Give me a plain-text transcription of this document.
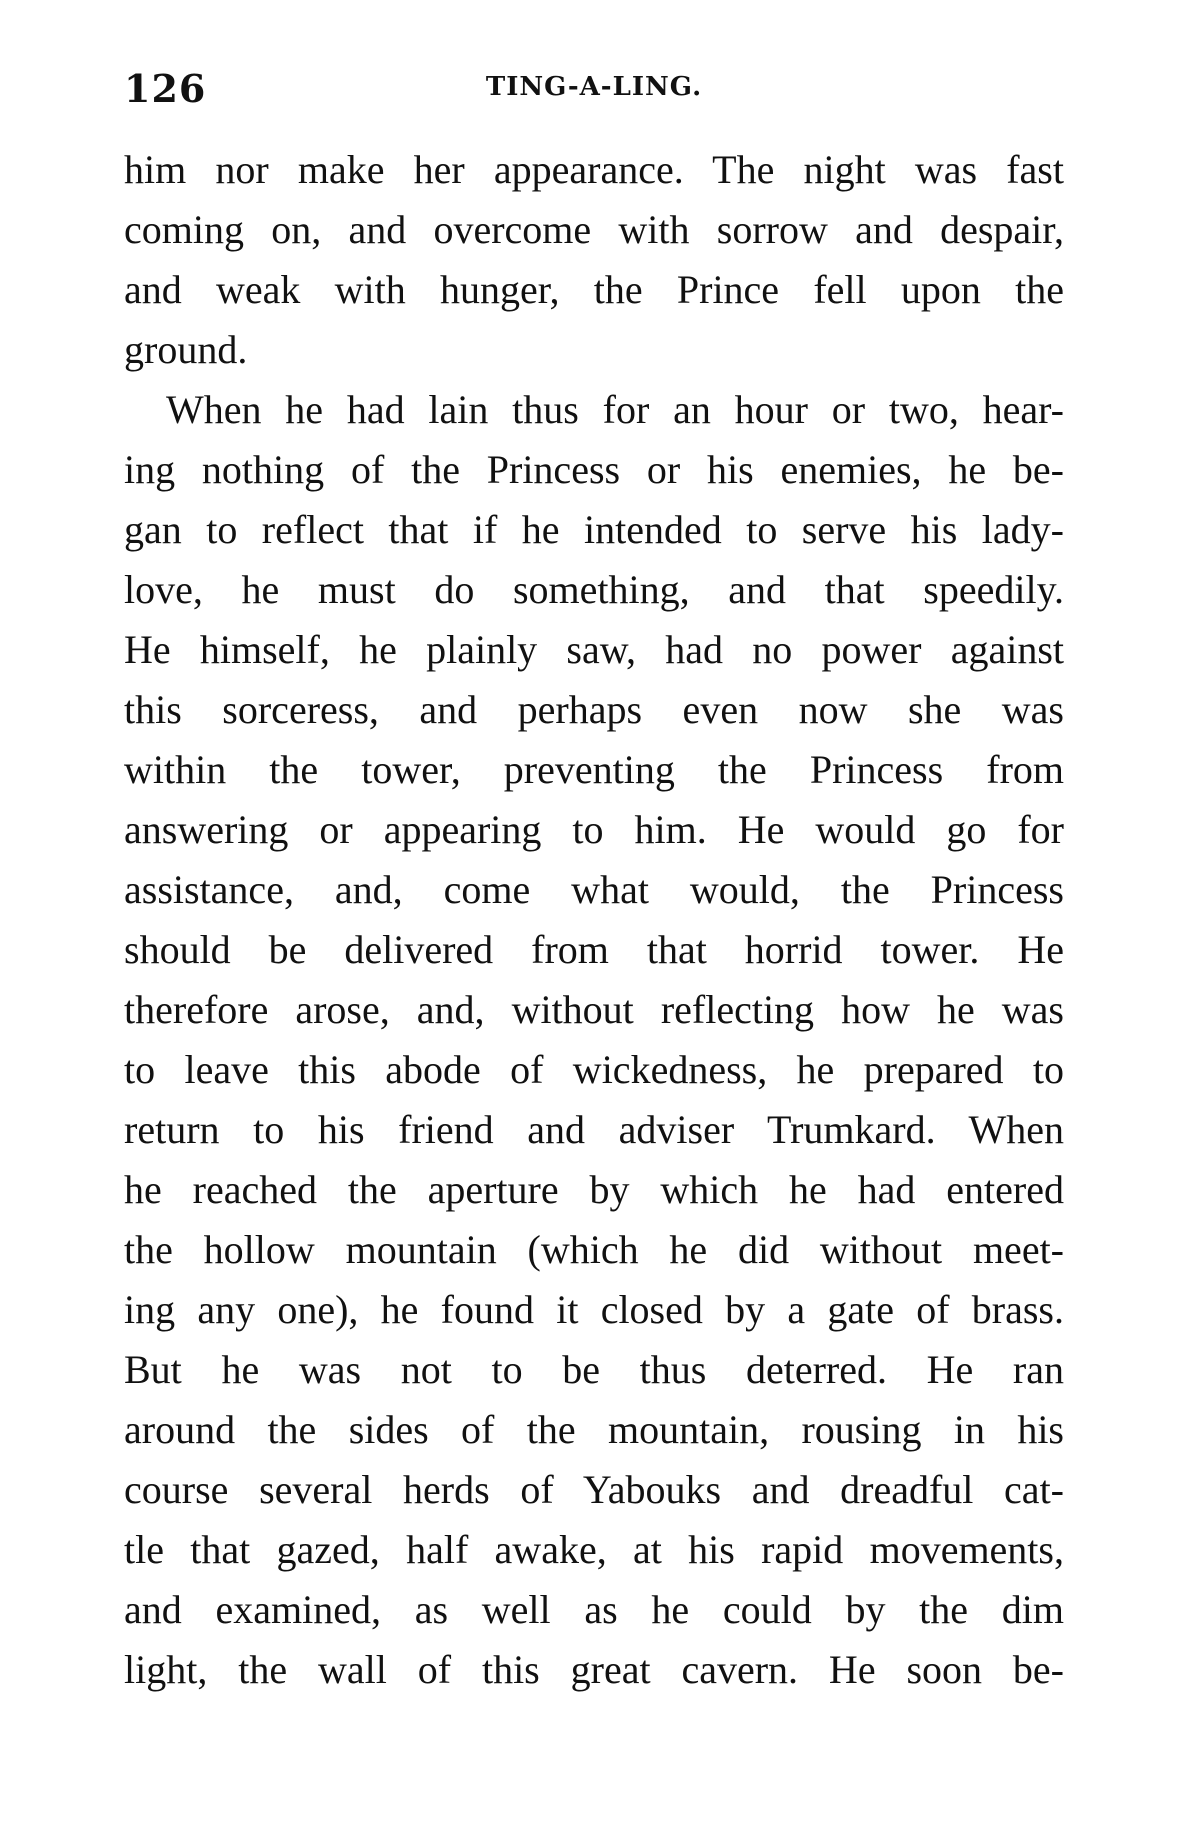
126	TING-A-LING.
him nor make her appearance. The night was fast
coming on, and overcome with sorrow and despair,
and weak with hunger, the Prince fell upon the
ground.
When he had lain thus for an hour or two, hear-
ing nothing of the Princess or his enemies, he be-
gan to reflect that if he intended to serve his lady-
love, he must do something, and that speedily.
He himself, he plainly saw, had no power against
this sorceress, and perhaps even now she was
within the tower, preventing the Princess from
answering or appearing to him. He would go for
assistance, and, come what would, the Princess
should be delivered from that horrid tower. He
therefore arose, and, without reflecting how he was
to leave this abode of wickedness, he prepared to
return to his friend and adviser Trumkard. When
he reached the aperture by which he had entered
the hollow mountain (which he did without meet-
ing any one), he found it closed by a gate of brass.
But he was not to be thus deterred. He ran
around the sides of the mountain, rousing in his
course several herds of Yabouks and dreadful cat-
tle that gazed, half awake, at his rapid movements,
and examined, as well as he could by the dim
light, the wall of this great cavern. He soon be-
